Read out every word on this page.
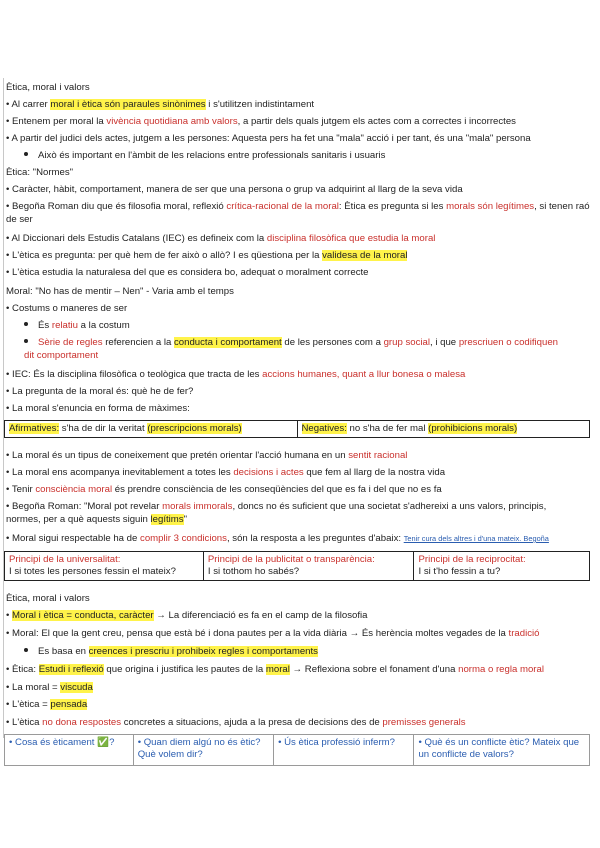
Ètica, moral i valors
• Al carrer moral i ètica són paraules sinònimes i s'utilitzen indistintament
• Entenem per moral la vivència quotidiana amb valors, a partir dels quals jutgem els actes com a correctes i incorrectes
• A partir del judici dels actes, jutgem a les persones: Aquesta pers ha fet una "mala" acció i per tant, és una "mala" persona
Això és important en l'àmbit de les relacions entre professionals sanitaris i usuaris
Ètica: "Normes"
• Caràcter, hàbit, comportament, manera de ser que una persona o grup va adquirint al llarg de la seva vida
• Begoña Roman diu que és filosofia moral, reflexió crítica-racional de la moral: Ètica es pregunta si les morals són legítimes, si tenen raó de ser
• Al Diccionari dels Estudis Catalans (IEC) es defineix com la disciplina filosòfica que estudia la moral
• L'ètica es pregunta: per què hem de fer això o allò? I es qüestiona per la validesa de la moral
• L'ètica estudia la naturalesa del que es considera bo, adequat o moralment correcte
Moral: "No has de mentir – Nen" - Varia amb el temps
• Costums o maneres de ser
És relatiu a la costum
Sèrie de regles referencien a la conducta i comportament de les persones com a grup social, i que prescriuen o codifiquen dit comportament
• IEC: És la disciplina filosòfica o teològica que tracta de les accions humanes, quant a llur bonesa o malesa
• La pregunta de la moral és: què he de fer?
• La moral s'enuncia en forma de màximes:
Afirmatives: s'ha de dir la veritat (prescripcions morals)	Negatives: no s'ha de fer mal (prohibicions morals)
• La moral és un tipus de coneixement que pretén orientar l'acció humana en un sentit racional
• La moral ens acompanya inevitablement a totes les decisions i actes que fem al llarg de la nostra vida
• Tenir consciència moral és prendre consciència de les conseqüències del que es fa i del que no es fa
• Begoña Roman: "Moral pot revelar morals immorals, doncs no és suficient que una societat s'adhereixi a uns valors, principis, normes, per a què aquests siguin legítims"
• Moral sigui respectable ha de complir 3 condicions, són la resposta a les preguntes d'abaix: Tenir cura dels altres i d'una mateix. Begoña
Principi de la universalitat:
I si totes les persones fessin el mateix?

Principi de la publicitat o transparència:
I si tothom ho sabés?

Principi de la reciprocitat:
I si t'ho fessin a tu?
Ètica, moral i valors
• Moral i ètica = conducta, caràcter → La diferenciació es fa en el camp de la filosofia
• Moral: El que la gent creu, pensa que està bé i dona pautes per a la vida diària → És herència moltes vegades de la tradició
Es basa en creences i prescriu i prohibeix regles i comportaments
• Ètica: Estudi i reflexió que origina i justifica les pautes de la moral → Reflexiona sobre el fonament d'una norma o regla moral
• La moral = viscuda
• L'ètica = pensada
• L'ètica no dona respostes concretes a situacions, ajuda a la presa de decisions des de premisses generals
• Cosa és èticament ✅?	• Quan diem algú no és ètic? Què volem dir?	• Ús ètica professió inferm?	• Què és un conflicte ètic? Mateix que un conflicte de valors?
